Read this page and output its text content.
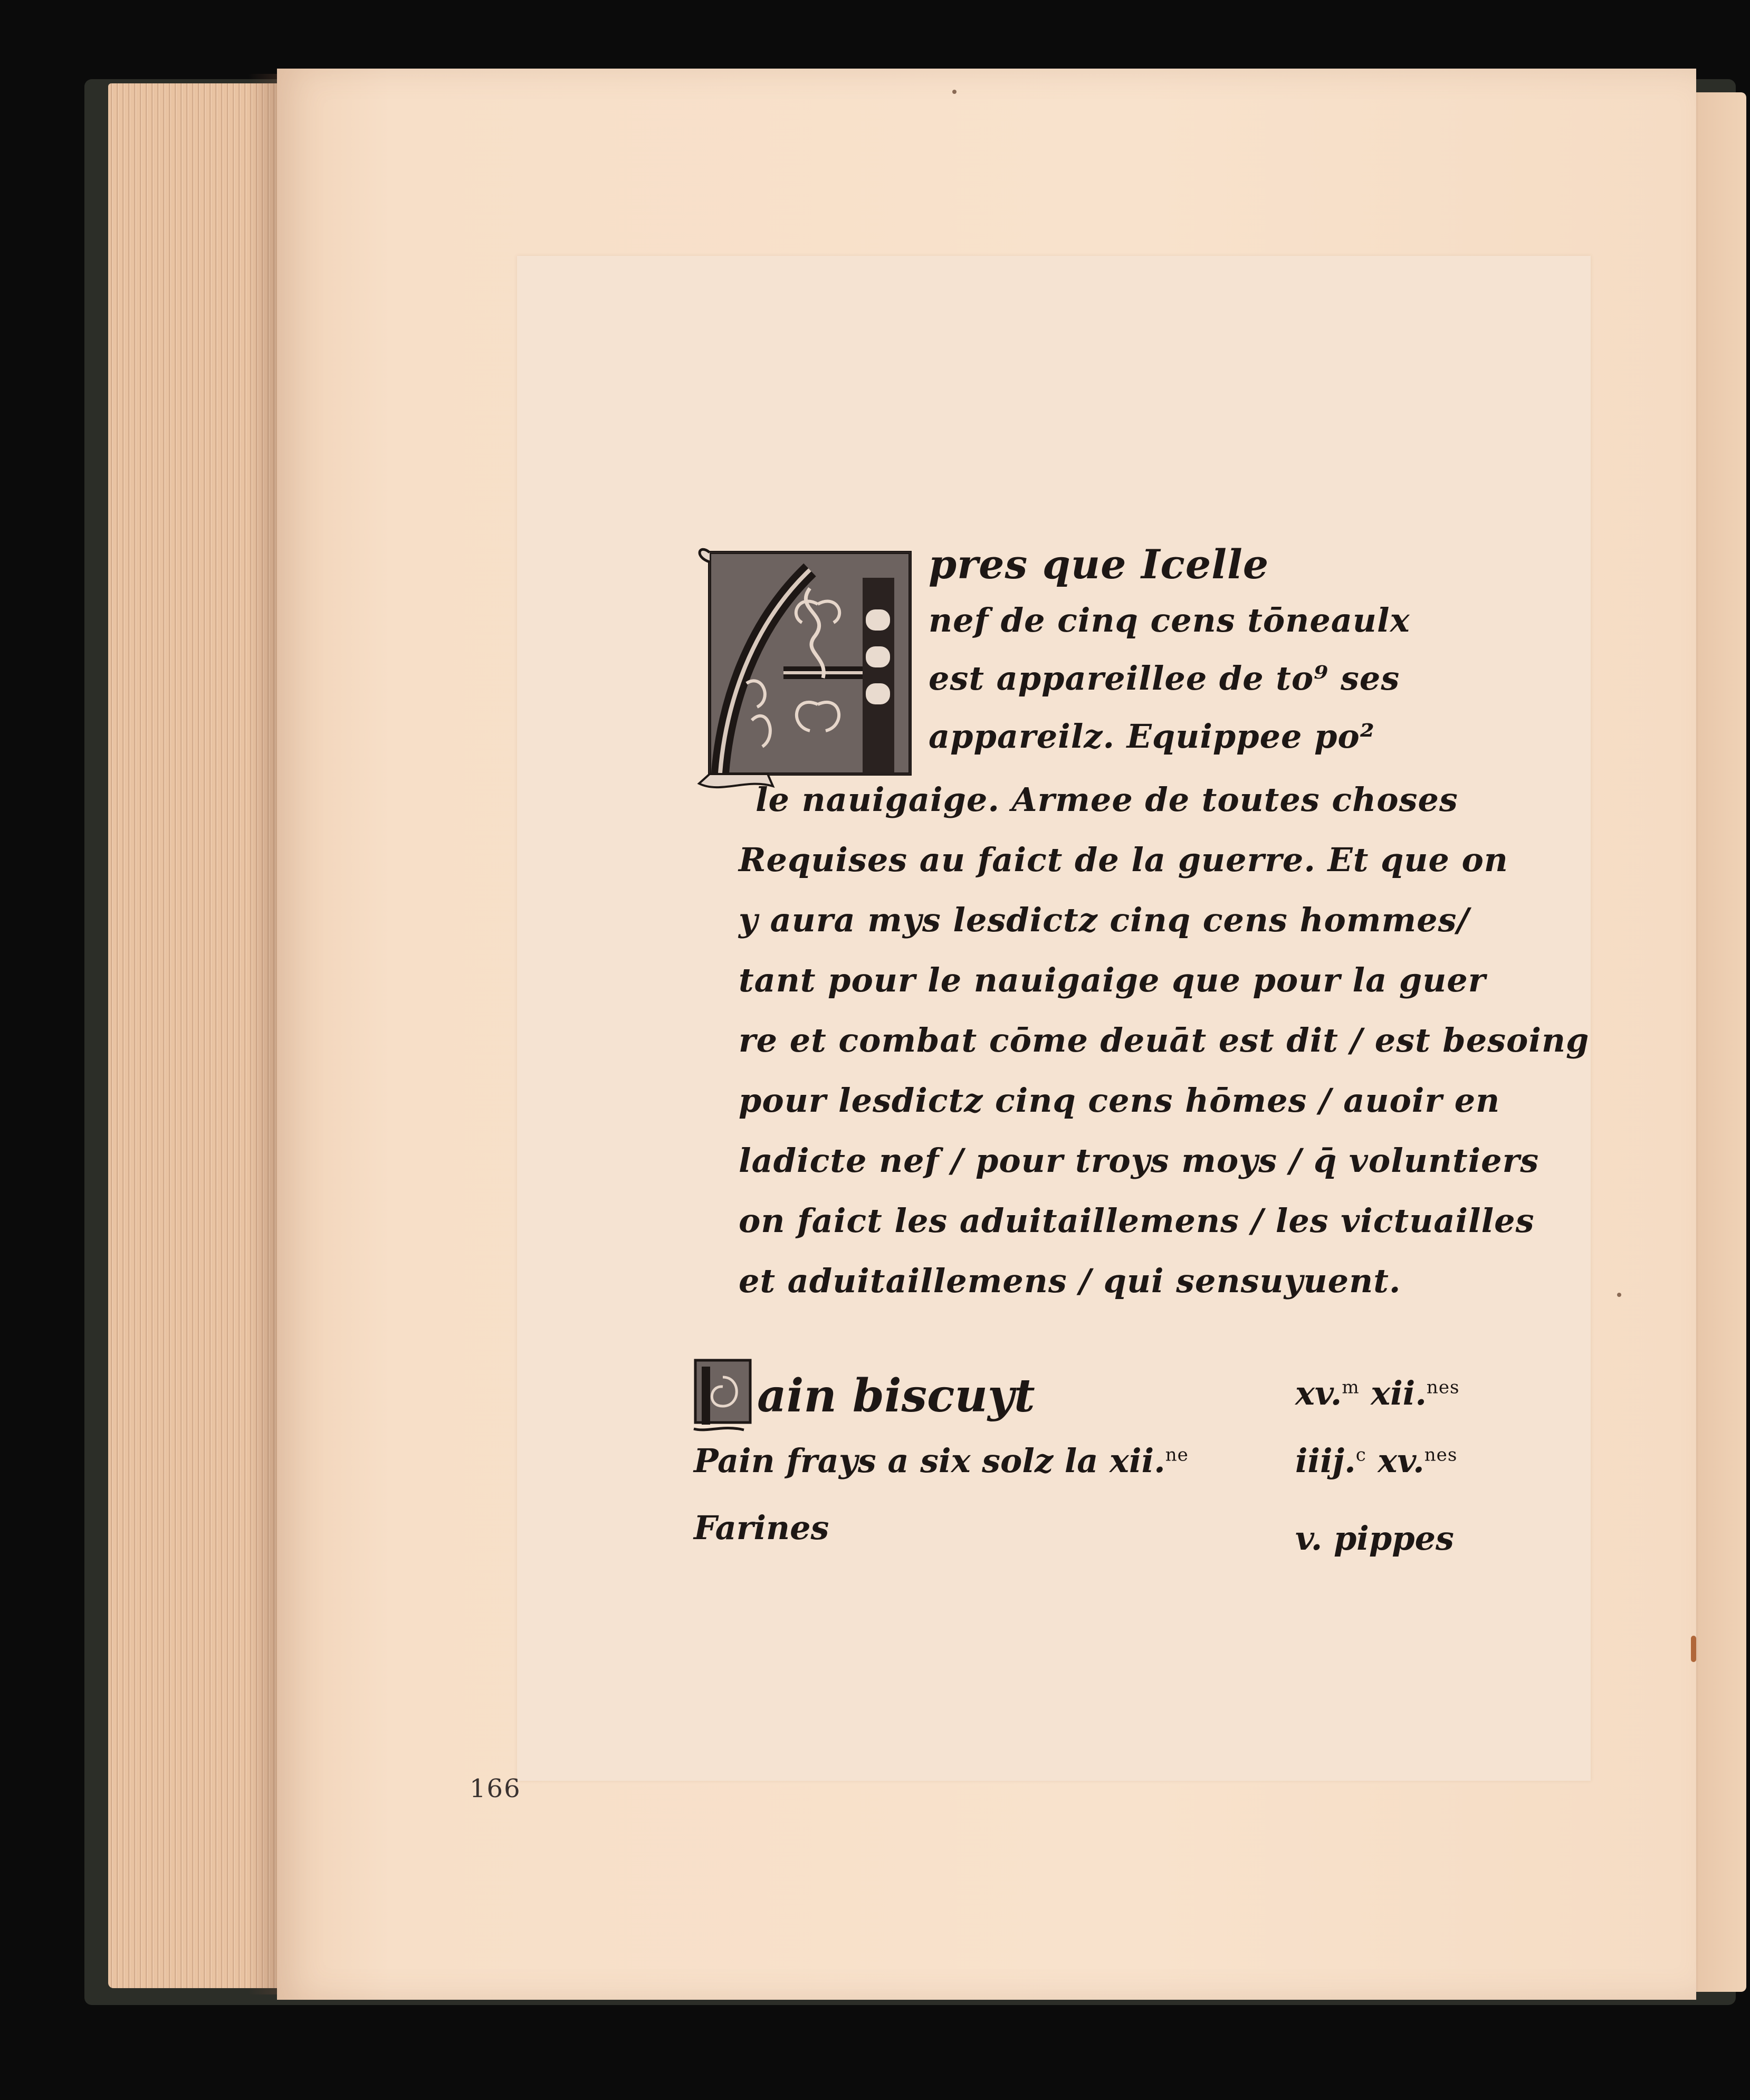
pres que Icelle
nef de cinq cens tōneaulx
est appareillee de to⁹ ses
appareilz. Equippee po²
le nauigaige. Armee de toutes choses
Requises au faict de la guerre. Et que on
y aura mys lesdictz cinq cens hommes/
tant pour le nauigaige que pour la guer
re et combat cōme deuāt est dit / est besoing
pour lesdictz cinq cens hōmes / auoir en
ladicte nef / pour troys moys / q̄ voluntiers
on faict les aduitaillemens / les victuailles
et aduitaillemens / qui sensuyuent.
ain biscuyt	xv.$^m$ xii.$^{nes}$
Pain frays a six solz la xii.$^{ne}$	iiij.$^c$ xv.$^{nes}$
Farines	v. pippes
166
